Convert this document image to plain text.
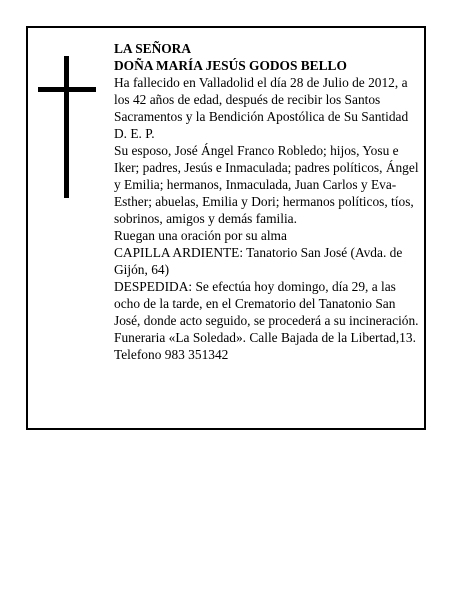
LA SEÑORA

DOÑA MARÍA JESÚS GODOS BELLO

Ha fallecido en Valladolid el día 28 de Julio de 2012, a los 42 años de edad, después de recibir los Santos Sacramentos y la Bendición Apostólica de Su Santidad

D. E. P.

Su esposo, José Ángel Franco Robledo; hijos, Yosu e Iker; padres, Jesús e Inmaculada; padres políticos, Ángel y Emilia; hermanos, Inmaculada, Juan Carlos y Eva-Esther; abuelas, Emilia y Dori; hermanos políticos, tíos, sobrinos, amigos y demás familia.

Ruegan una oración por su alma

CAPILLA ARDIENTE: Tanatorio San José (Avda. de Gijón, 64)

DESPEDIDA: Se efectúa hoy domingo, día 29, a las ocho de la tarde, en el Crematorio del Tanatonio San José, donde acto seguido, se procederá a su incineración.

Funeraria «La Soledad». Calle Bajada de la Libertad,13.

Telefono 983 351342
